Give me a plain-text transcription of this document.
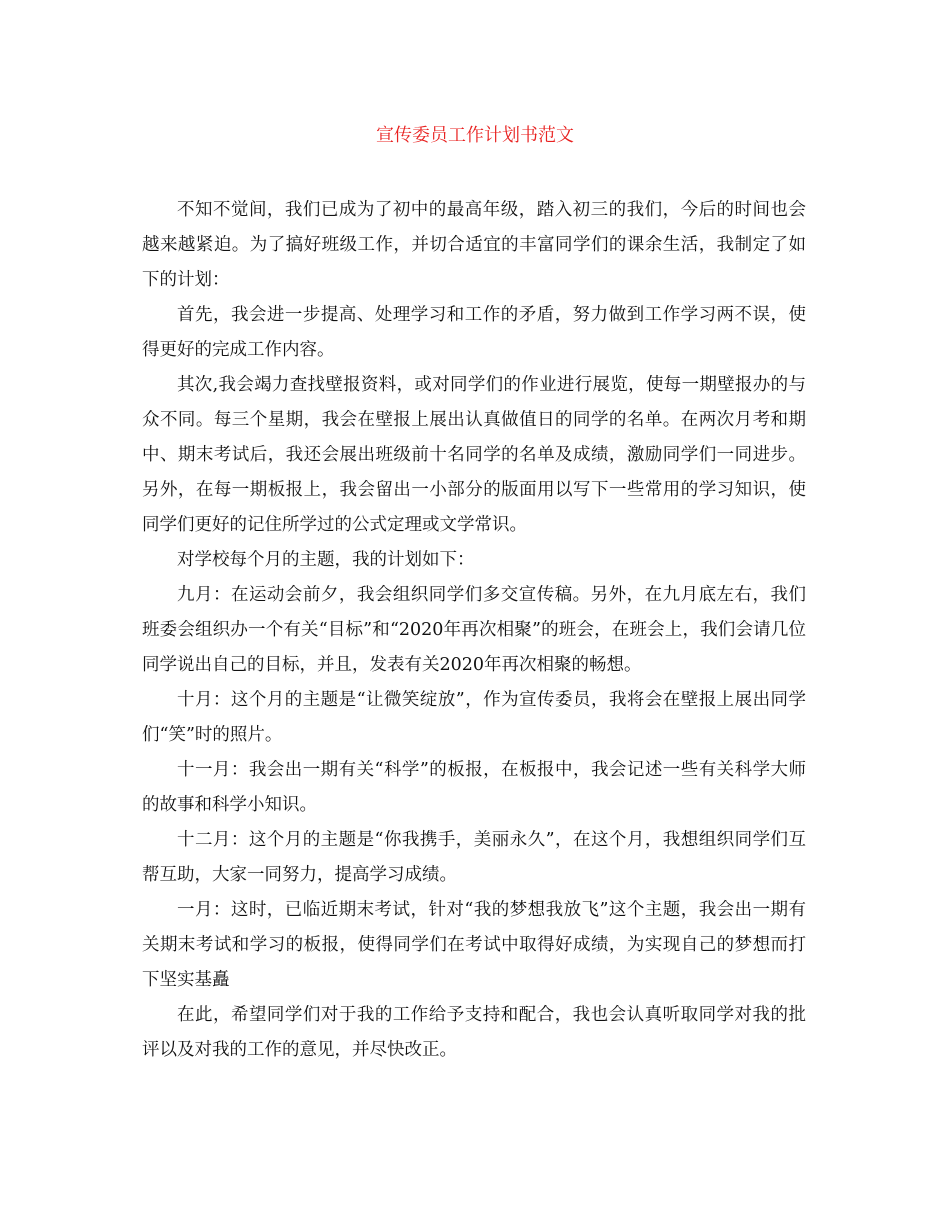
宣传委员工作计划书范文

不知不觉间，我们已成为了初中的最高年级，踏入初三的我们，今后的时间也会越来越紧迫。为了搞好班级工作，并切合适宜的丰富同学们的课余生活，我制定了如下的计划：

首先，我会进一步提高、处理学习和工作的矛盾，努力做到工作学习两不误，使得更好的完成工作内容。

其次,我会竭力查找壁报资料，或对同学们的作业进行展览，使每一期壁报办的与众不同。每三个星期，我会在壁报上展出认真做值日的同学的名单。在两次月考和期中、期末考试后，我还会展出班级前十名同学的名单及成绩，激励同学们一同进步。另外，在每一期板报上，我会留出一小部分的版面用以写下一些常用的学习知识，使同学们更好的记住所学过的公式定理或文学常识。

对学校每个月的主题，我的计划如下：

九月：在运动会前夕，我会组织同学们多交宣传稿。另外，在九月底左右，我们班委会组织办一个有关“目标”和“2020年再次相聚”的班会，在班会上，我们会请几位同学说出自己的目标，并且，发表有关2020年再次相聚的畅想。

十月：这个月的主题是“让微笑绽放”，作为宣传委员，我将会在壁报上展出同学们“笑”时的照片。

十一月：我会出一期有关“科学”的板报，在板报中，我会记述一些有关科学大师的故事和科学小知识。

十二月：这个月的主题是“你我携手，美丽永久”，在这个月，我想组织同学们互帮互助，大家一同努力，提高学习成绩。

一月：这时，已临近期末考试，针对“我的梦想我放飞”这个主题，我会出一期有关期末考试和学习的板报，使得同学们在考试中取得好成绩，为实现自己的梦想而打下坚实基矗

在此，希望同学们对于我的工作给予支持和配合，我也会认真听取同学对我的批评以及对我的工作的意见，并尽快改正。
